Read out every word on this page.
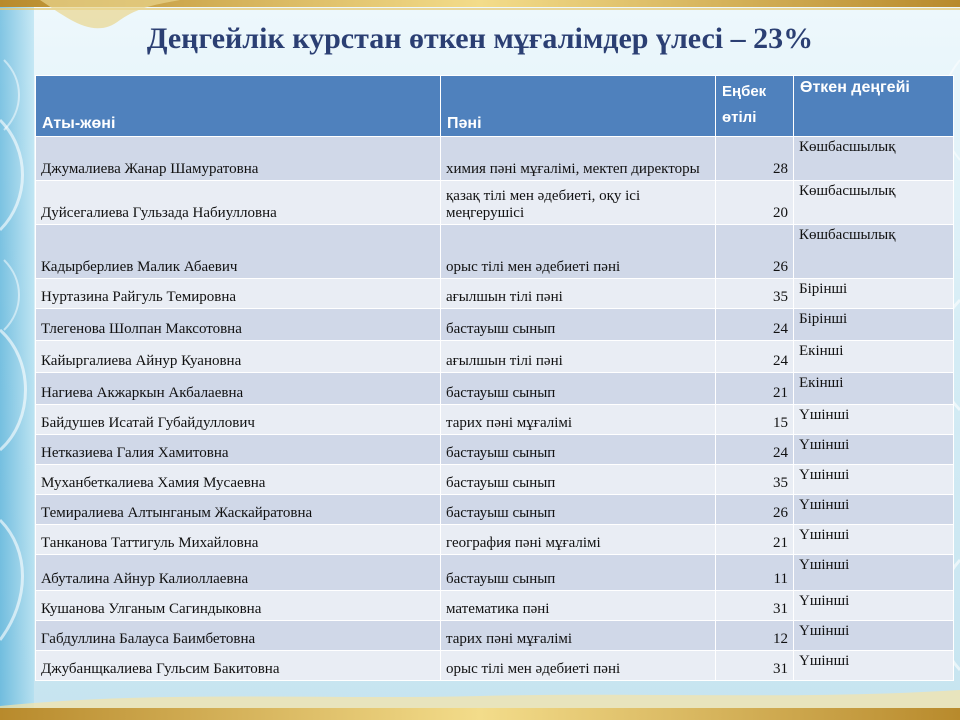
Деңгейлік курстан өткен мұғалімдер үлесі – 23%
Аты-жөні	Пәні	Еңбек өтілі	Өткен деңгейі
Джумалиева Жанар Шамуратовна	химия пәні мұғалімі, мектеп директоры	28	Көшбасшылық
Дуйсегалиева Гульзада Набиулловна	қазақ тілі мен әдебиеті, оқу ісі меңгерушісі	20	Көшбасшылық
Кадырберлиев Малик Абаевич	орыс тілі мен әдебиеті пәні	26	Көшбасшылық
Нуртазина Райгуль Темировна	ағылшын тілі пәні	35	Бірінші
Тлегенова Шолпан Максотовна	бастауыш сынып	24	Бірінші
Кайыргалиева Айнур Куановна	ағылшын тілі пәні	24	Екінші
Нагиева Акжаркын Акбалаевна	бастауыш сынып	21	Екінші
Байдушев Исатай Губайдуллович	тарих пәні мұғалімі	15	Үшінші
Нетказиева Галия Хамитовна	бастауыш сынып	24	Үшінші
Муханбеткалиева Хамия Мусаевна	бастауыш сынып	35	Үшінші
Темиралиева Алтынганым Жаскайратовна	бастауыш сынып	26	Үшінші
Танканова Таттигуль Михайловна	география пәні мұғалімі	21	Үшінші
Абуталина Айнур Калиоллаевна	бастауыш сынып	11	Үшінші
Кушанова Улганым Сагиндыковна	математика пәні	31	Үшінші
Габдуллина Балауса Баимбетовна	тарих пәні мұғалімі	12	Үшінші
Джубанщкалиева Гульсим Бакитовна	орыс тілі мен әдебиеті пәні	31	Үшінші
